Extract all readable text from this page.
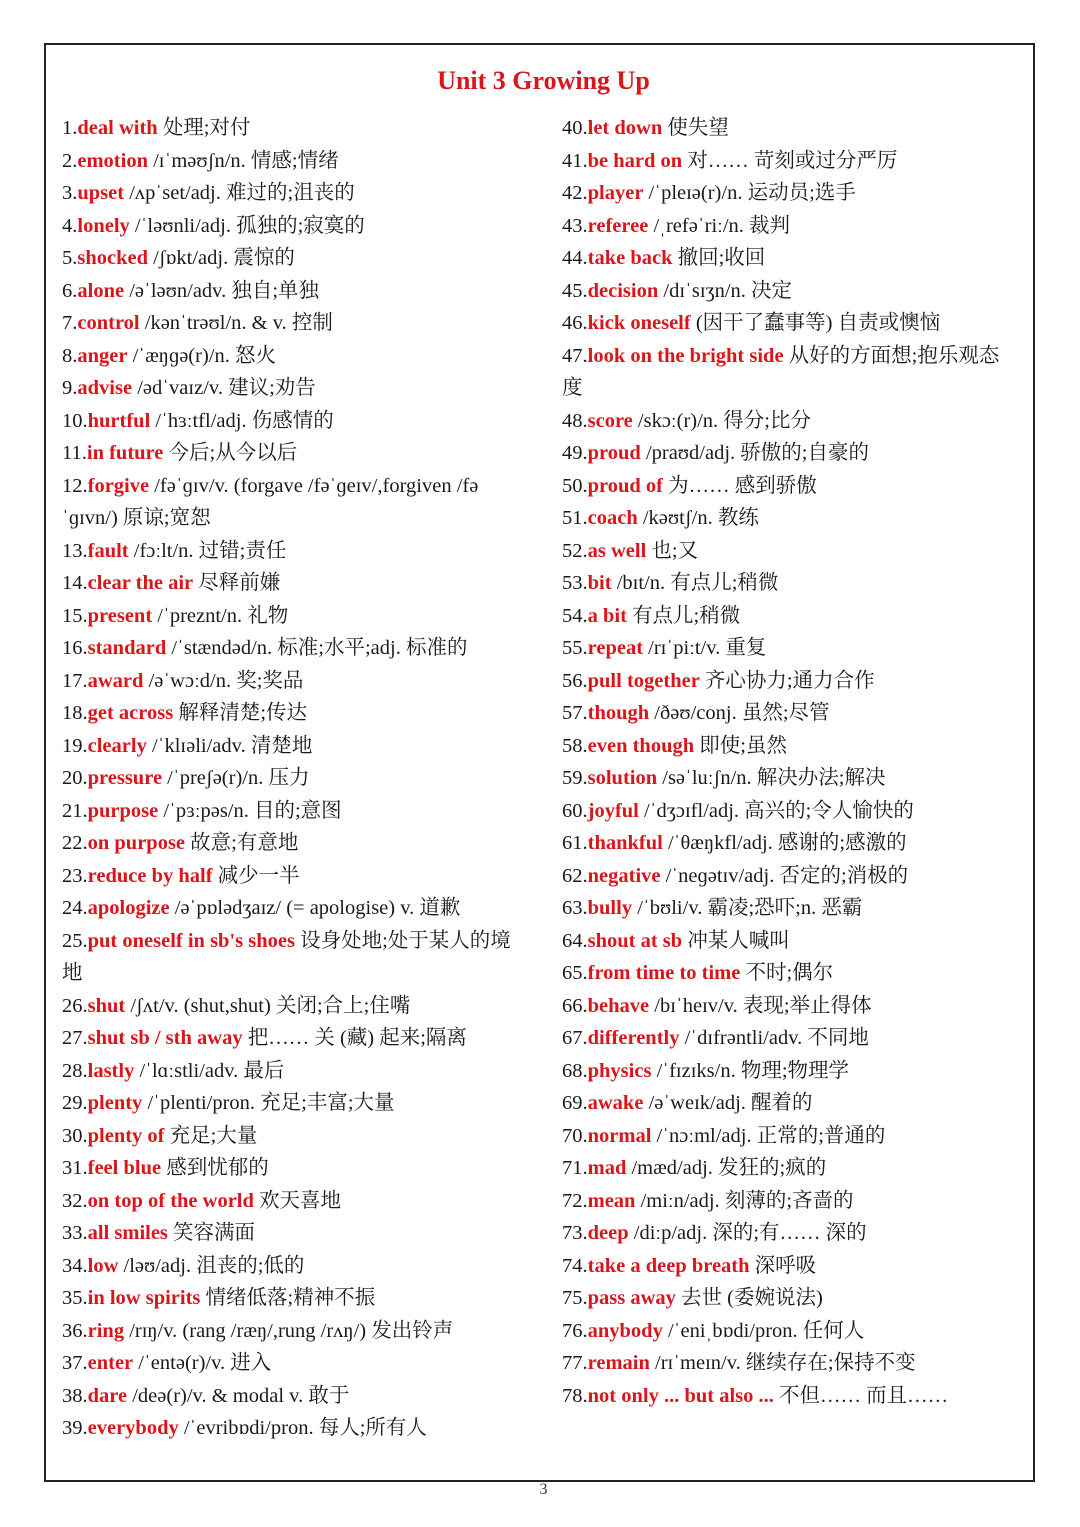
Unit 3 Growing Up
1.deal with 处理;对付
2.emotion /ɪˈməʊʃn/n. 情感;情绪
3.upset /ʌpˈset/adj. 难过的;沮丧的
4.lonely /ˈləʊnli/adj. 孤独的;寂寞的
5.shocked /ʃɒkt/adj. 震惊的
6.alone /əˈləʊn/adv. 独自;单独
7.control /kənˈtrəʊl/n. & v. 控制
8.anger /ˈæŋɡə(r)/n. 怒火
9.advise /ədˈvaɪz/v. 建议;劝告
10.hurtful /ˈhɜːtfl/adj. 伤感情的
11.in future 今后;从今以后
12.forgive /fəˈɡɪv/v. (forgave /fəˈɡeɪv/,forgiven /fəˈɡɪvn/) 原谅;宽恕
13.fault /fɔːlt/n. 过错;责任
14.clear the air 尽释前嫌
15.present /ˈpreznt/n. 礼物
16.standard /ˈstændəd/n. 标准;水平;adj. 标准的
17.award /əˈwɔːd/n. 奖;奖品
18.get across 解释清楚;传达
19.clearly /ˈklɪəli/adv. 清楚地
20.pressure /ˈpreʃə(r)/n. 压力
21.purpose /ˈpɜːpəs/n. 目的;意图
22.on purpose 故意;有意地
23.reduce by half 减少一半
24.apologize /əˈpɒlədʒaɪz/ (= apologise) v. 道歉
25.put oneself in sb's shoes 设身处地;处于某人的境地
26.shut /ʃʌt/v. (shut,shut) 关闭;合上;住嘴
27.shut sb / sth away 把…… 关 (藏) 起来;隔离
28.lastly /ˈlɑːstli/adv. 最后
29.plenty /ˈplenti/pron. 充足;丰富;大量
30.plenty of 充足;大量
31.feel blue 感到忧郁的
32.on top of the world 欢天喜地
33.all smiles 笑容满面
34.low /ləʊ/adj. 沮丧的;低的
35.in low spirits 情绪低落;精神不振
36.ring /rɪŋ/v. (rang /ræŋ/,rung /rʌŋ/) 发出铃声
37.enter /ˈentə(r)/v. 进入
38.dare /deə(r)/v. & modal v. 敢于
39.everybody /ˈevribɒdi/pron. 每人;所有人
40.let down 使失望
41.be hard on 对…… 苛刻或过分严厉
42.player /ˈpleɪə(r)/n. 运动员;选手
43.referee /ˌrefəˈriː/n. 裁判
44.take back 撤回;收回
45.decision /dɪˈsɪʒn/n. 决定
46.kick oneself (因干了蠢事等) 自责或懊恼
47.look on the bright side 从好的方面想;抱乐观态度
48.score /skɔː(r)/n. 得分;比分
49.proud /praʊd/adj. 骄傲的;自豪的
50.proud of 为…… 感到骄傲
51.coach /kəʊtʃ/n. 教练
52.as well 也;又
53.bit /bɪt/n. 有点儿;稍微
54.a bit 有点儿;稍微
55.repeat /rɪˈpiːt/v. 重复
56.pull together 齐心协力;通力合作
57.though /ðəʊ/conj. 虽然;尽管
58.even though 即使;虽然
59.solution /səˈluːʃn/n. 解决办法;解决
60.joyful /ˈdʒɔɪfl/adj. 高兴的;令人愉快的
61.thankful /ˈθæŋkfl/adj. 感谢的;感激的
62.negative /ˈneɡətɪv/adj. 否定的;消极的
63.bully /ˈbʊli/v. 霸凌;恐吓;n. 恶霸
64.shout at sb 冲某人喊叫
65.from time to time 不时;偶尔
66.behave /bɪˈheɪv/v. 表现;举止得体
67.differently /ˈdɪfrəntli/adv. 不同地
68.physics /ˈfɪzɪks/n. 物理;物理学
69.awake /əˈweɪk/adj. 醒着的
70.normal /ˈnɔːml/adj. 正常的;普通的
71.mad /mæd/adj. 发狂的;疯的
72.mean /miːn/adj. 刻薄的;吝啬的
73.deep /diːp/adj. 深的;有…… 深的
74.take a deep breath 深呼吸
75.pass away 去世 (委婉说法)
76.anybody /ˈeniˌbɒdi/pron. 任何人
77.remain /rɪˈmeɪn/v. 继续存在;保持不变
78.not only ... but also ... 不但…… 而且……
3
